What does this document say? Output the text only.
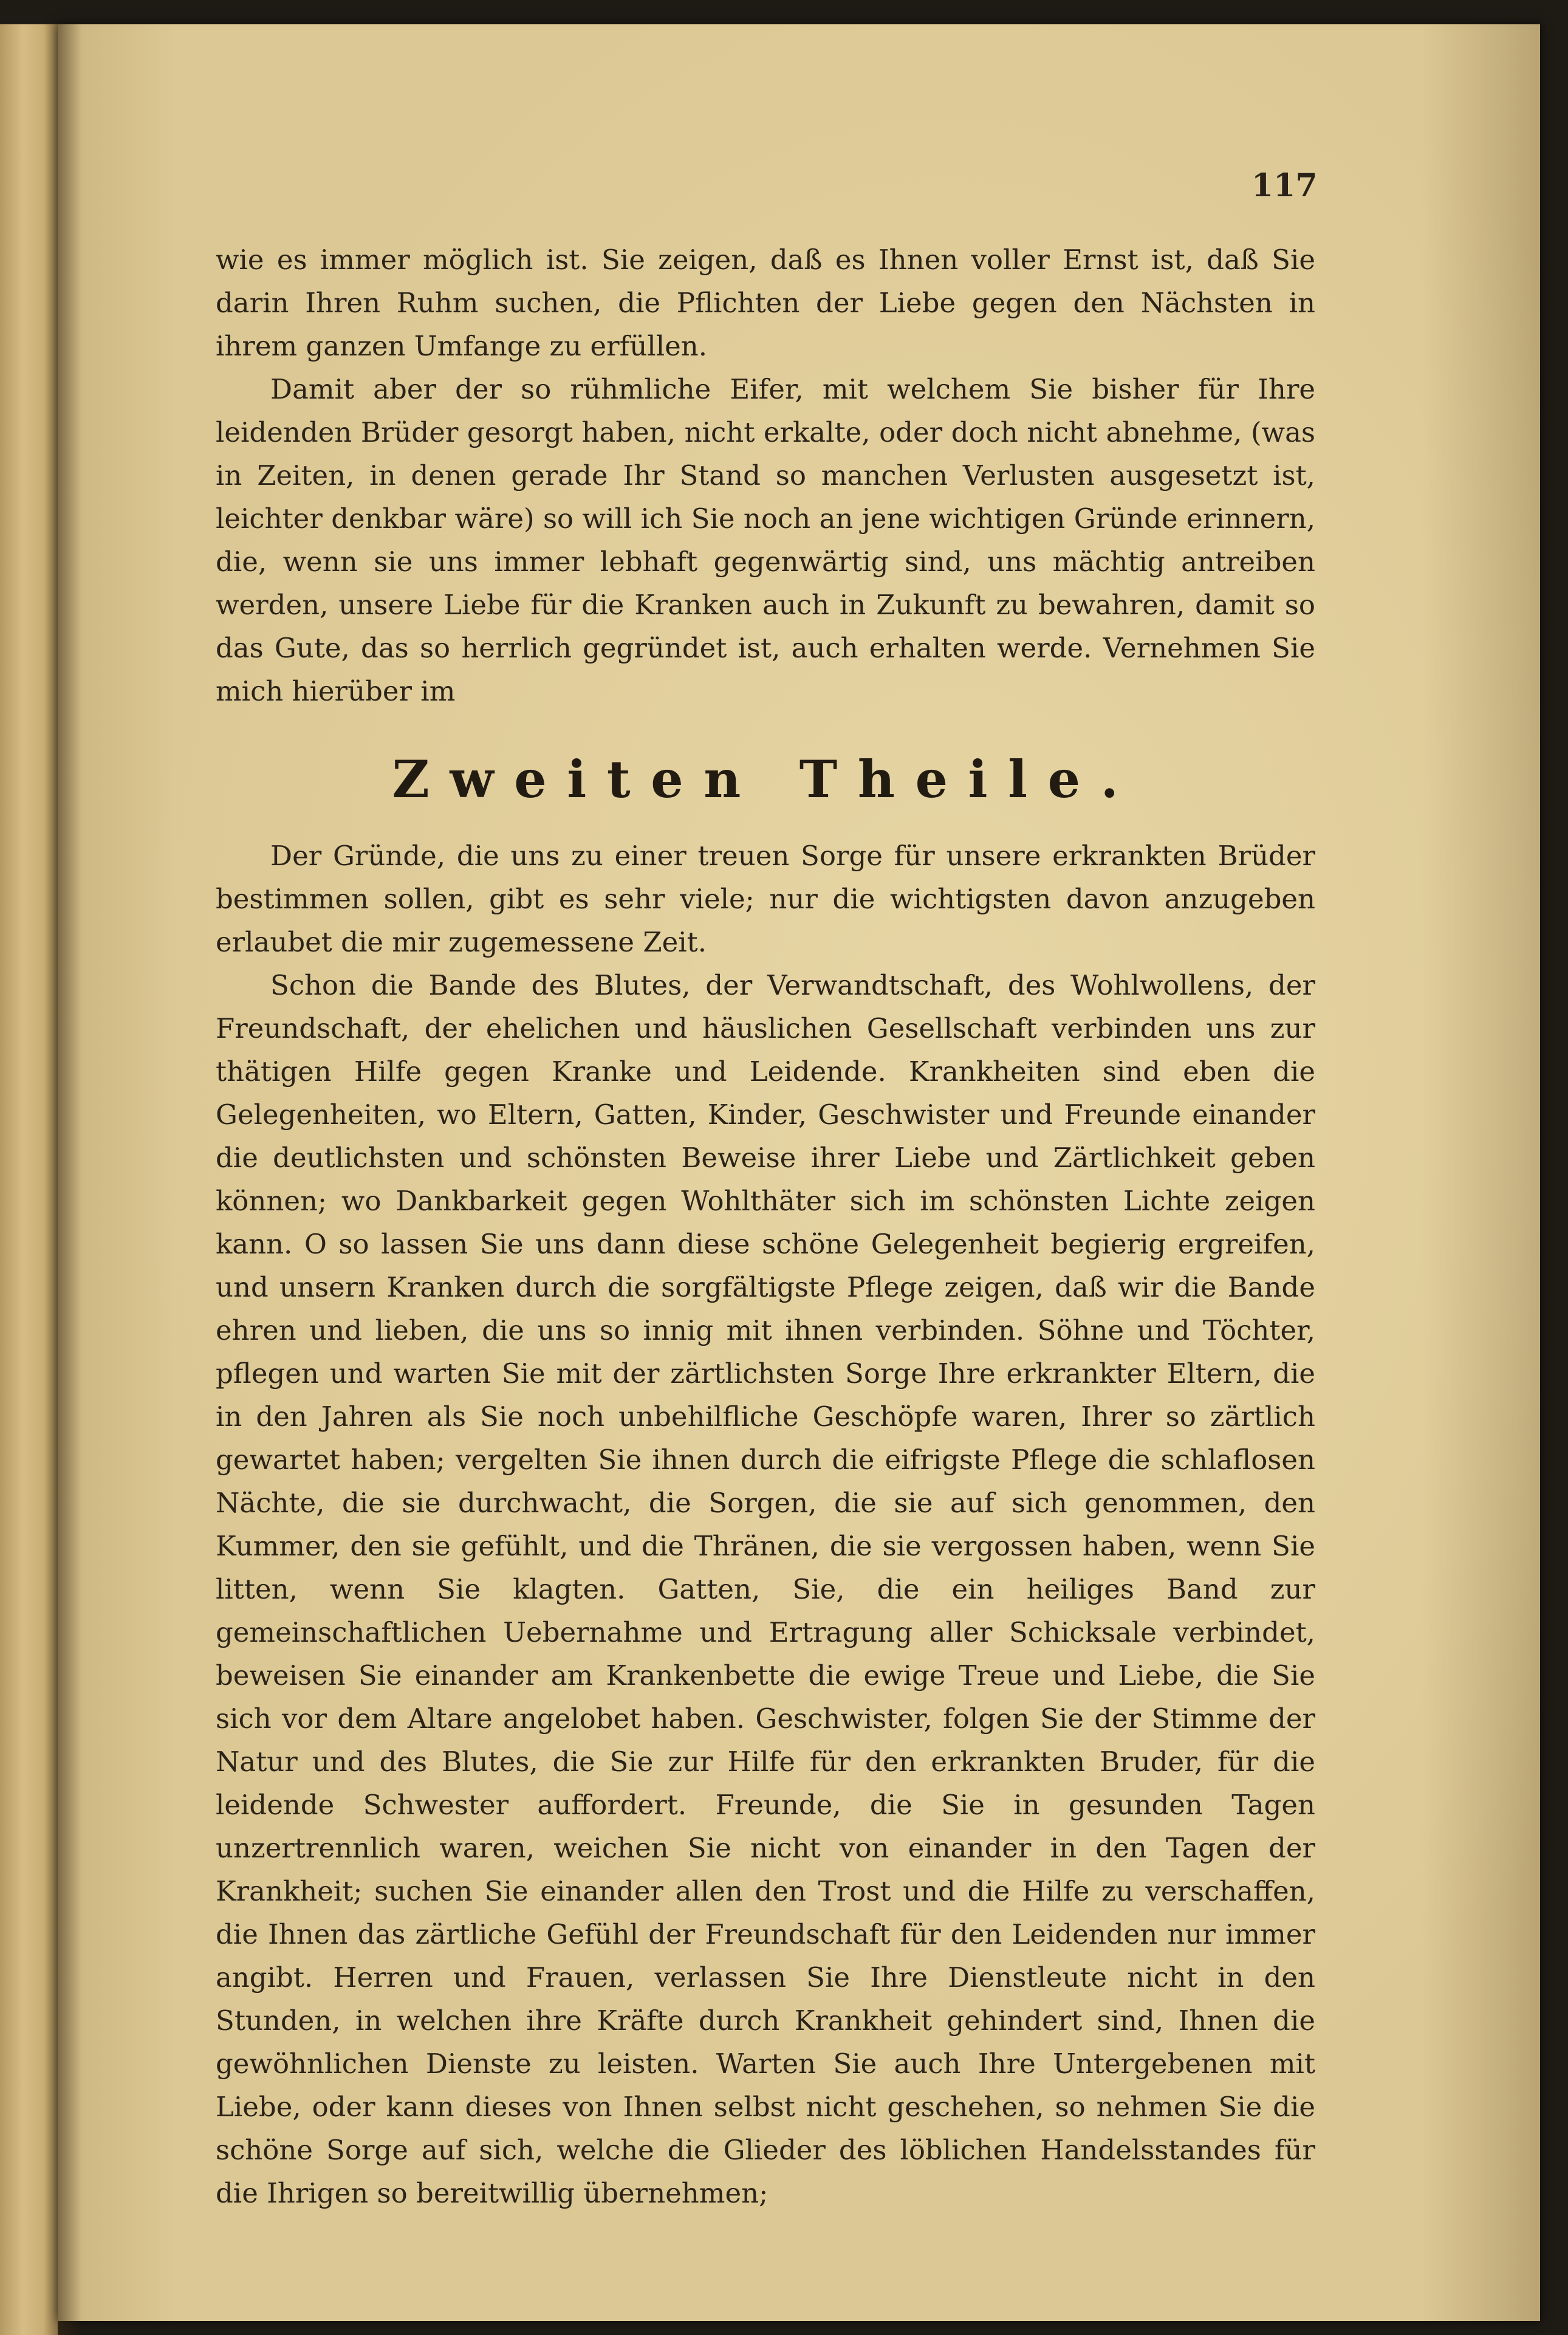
117

wie es immer möglich ist. Sie zeigen, daß es Ihnen voller Ernst ist, daß Sie darin Ihren Ruhm suchen, die Pflichten der Liebe gegen den Nächsten in ihrem ganzen Umfange zu erfüllen.

Damit aber der so rühmliche Eifer, mit welchem Sie bisher für Ihre leidenden Brüder gesorgt haben, nicht erkalte, oder doch nicht abnehme, (was in Zeiten, in denen gerade Ihr Stand so manchen Verlusten ausgesetzt ist, leichter denkbar wäre) so will ich Sie noch an jene wichtigen Gründe erinnern, die, wenn sie uns immer lebhaft gegenwärtig sind, uns mächtig antreiben werden, unsere Liebe für die Kranken auch in Zukunft zu bewahren, damit so das Gute, das so herrlich gegründet ist, auch erhalten werde. Vernehmen Sie mich hierüber im

Zweiten Theile.

Der Gründe, die uns zu einer treuen Sorge für unsere erkrankten Brüder bestimmen sollen, gibt es sehr viele; nur die wichtigsten davon anzugeben erlaubet die mir zugemessene Zeit.

Schon die Bande des Blutes, der Verwandtschaft, des Wohlwollens, der Freundschaft, der ehelichen und häuslichen Gesellschaft verbinden uns zur thätigen Hilfe gegen Kranke und Leidende. Krankheiten sind eben die Gelegenheiten, wo Eltern, Gatten, Kinder, Geschwister und Freunde einander die deutlichsten und schönsten Beweise ihrer Liebe und Zärtlichkeit geben können; wo Dankbarkeit gegen Wohlthäter sich im schönsten Lichte zeigen kann. O so lassen Sie uns dann diese schöne Gelegenheit begierig ergreifen, und unsern Kranken durch die sorgfältigste Pflege zeigen, daß wir die Bande ehren und lieben, die uns so innig mit ihnen verbinden. Söhne und Töchter, pflegen und warten Sie mit der zärtlichsten Sorge Ihre erkrankter Eltern, die in den Jahren als Sie noch unbehilfliche Geschöpfe waren, Ihrer so zärtlich gewartet haben; vergelten Sie ihnen durch die eifrigste Pflege die schlaflosen Nächte, die sie durchwacht, die Sorgen, die sie auf sich genommen, den Kummer, den sie gefühlt, und die Thränen, die sie vergossen haben, wenn Sie litten, wenn Sie klagten. Gatten, Sie, die ein heiliges Band zur gemeinschaftlichen Uebernahme und Ertragung aller Schicksale verbindet, beweisen Sie einander am Krankenbette die ewige Treue und Liebe, die Sie sich vor dem Altare angelobet haben. Geschwister, folgen Sie der Stimme der Natur und des Blutes, die Sie zur Hilfe für den erkrankten Bruder, für die leidende Schwester auffordert. Freunde, die Sie in gesunden Tagen unzertrennlich waren, weichen Sie nicht von einander in den Tagen der Krankheit; suchen Sie einander allen den Trost und die Hilfe zu verschaffen, die Ihnen das zärtliche Gefühl der Freundschaft für den Leidenden nur immer angibt. Herren und Frauen, verlassen Sie Ihre Dienstleute nicht in den Stunden, in welchen ihre Kräfte durch Krankheit gehindert sind, Ihnen die gewöhnlichen Dienste zu leisten. Warten Sie auch Ihre Untergebenen mit Liebe, oder kann dieses von Ihnen selbst nicht geschehen, so nehmen Sie die schöne Sorge auf sich, welche die Glieder des löblichen Handelsstandes für die Ihrigen so bereitwillig übernehmen;
